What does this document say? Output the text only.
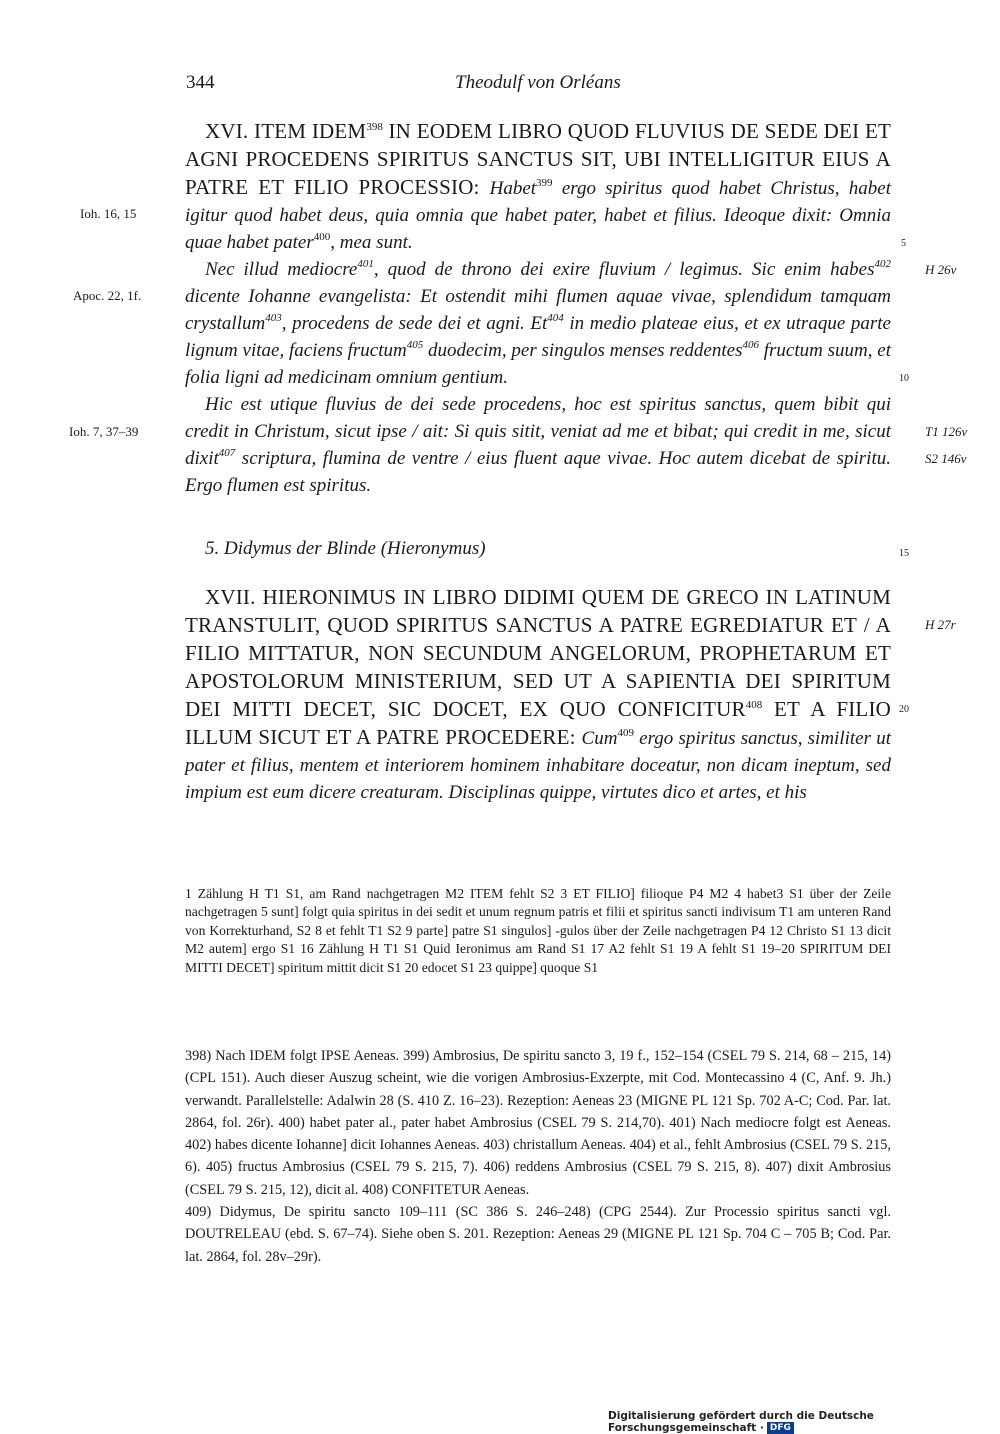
344	Theodulf von Orléans

XVI. ITEM IDEM$^{398}$ IN EODEM LIBRO QUOD FLUVIUS DE SEDE DEI ET AGNI PROCEDENS SPIRITUS SANCTUS SIT, UBI INTELLIGITUR EIUS A PATRE ET FILIO PROCESSIO: Habet$^{399}$ ergo spiritus quod habet Christus, habet igitur quod habet deus, quia omnia que habet pater, habet et filius. Ideoque dixit: Omnia quae habet pater$^{400}$, mea sunt.

Nec illud mediocre$^{401}$, quod de throno dei exire fluvium / legimus. Sic enim habes$^{402}$ dicente Iohanne evangelista: Et ostendit mihi flumen aquae vivae, splendidum tamquam crystallum$^{403}$, procedens de sede dei et agni. Et$^{404}$ in medio plateae eius, et ex utraque parte lignum vitae, faciens fructum$^{405}$ duodecim, per singulos menses reddentes$^{406}$ fructum suum, et folia ligni ad medicinam omnium gentium.

Hic est utique fluvius de dei sede procedens, hoc est spiritus sanctus, quem bibit qui credit in Christum, sicut ipse / ait: Si quis sitit, veniat ad me et bibat; qui credit in me, sicut dixit$^{407}$ scriptura, flumina de ventre / eius fluent aque vivae. Hoc autem dicebat de spiritu. Ergo flumen est spiritus.

5. Didymus der Blinde (Hieronymus)

XVII. HIERONIMUS IN LIBRO DIDIMI QUEM DE GRECO IN LATINUM TRANSTULIT, QUOD SPIRITUS SANCTUS A PATRE EGREDIATUR ET / A FILIO MITTATUR, NON SECUNDUM ANGELORUM, PROPHETARUM ET APOSTOLORUM MINISTERIUM, SED UT A SAPIENTIA DEI SPIRITUM DEI MITTI DECET, SIC DOCET, EX QUO CONFICITUR$^{408}$ ET A FILIO ILLUM SICUT ET A PATRE PROCEDERE: Cum$^{409}$ ergo spiritus sanctus, similiter ut pater et filius, mentem et interiorem hominem inhabitare doceatur, non dicam ineptum, sed impium est eum dicere creaturam. Disciplinas quippe, virtutes dico et artes, et his

5
10
15
20
Ioh. 16, 15
Apoc. 22, 1f.
Ioh. 7, 37–39
H 26v
T1 126v
S2 146v
H 27r

1 Zählung H T1 S1, am Rand nachgetragen M2 ITEM fehlt S2 3 ET FILIO] filioque P4 M2 4 habet3 S1 über der Zeile nachgetragen 5 sunt] folgt quia spiritus in dei sedit et unum regnum patris et filii et spiritus sancti indivisum T1 am unteren Rand von Korrekturhand, S2 8 et fehlt T1 S2 9 parte] patre S1 singulos] -gulos über der Zeile nachgetragen P4 12 Christo S1 13 dicit M2 autem] ergo S1 16 Zählung H T1 S1 Quid Ieronimus am Rand S1 17 A2 fehlt S1 19 A fehlt S1 19–20 SPIRITUM DEI MITTI DECET] spiritum mittit dicit S1 20 edocet S1 23 quippe] quoque S1

398) Nach IDEM folgt IPSE Aeneas. 399) Ambrosius, De spiritu sancto 3, 19 f., 152–154 (CSEL 79 S. 214, 68 – 215, 14) (CPL 151). Auch dieser Auszug scheint, wie die vorigen Ambrosius-Exzerpte, mit Cod. Montecassino 4 (C, Anf. 9. Jh.) verwandt. Parallelstelle: Adalwin 28 (S. 410 Z. 16–23). Rezeption: Aeneas 23 (MIGNE PL 121 Sp. 702 A-C; Cod. Par. lat. 2864, fol. 26r). 400) habet pater al., pater habet Ambrosius (CSEL 79 S. 214,70). 401) Nach mediocre folgt est Aeneas. 402) habes dicente Iohanne] dicit Iohannes Aeneas. 403) christallum Aeneas. 404) et al., fehlt Ambrosius (CSEL 79 S. 215, 6). 405) fructus Ambrosius (CSEL 79 S. 215, 7). 406) reddens Ambrosius (CSEL 79 S. 215, 8). 407) dixit Ambrosius (CSEL 79 S. 215, 12), dicit al. 408) CONFITETUR Aeneas.

409) Didymus, De spiritu sancto 109–111 (SC 386 S. 246–248) (CPG 2544). Zur Processio spiritus sancti vgl. DOUTRELEAU (ebd. S. 67–74). Siehe oben S. 201. Rezeption: Aeneas 29 (MIGNE PL 121 Sp. 704 C – 705 B; Cod. Par. lat. 2864, fol. 28v–29r).

Digitalisierung gefördert durch die Deutsche Forschungsgemeinschaft · DFG
